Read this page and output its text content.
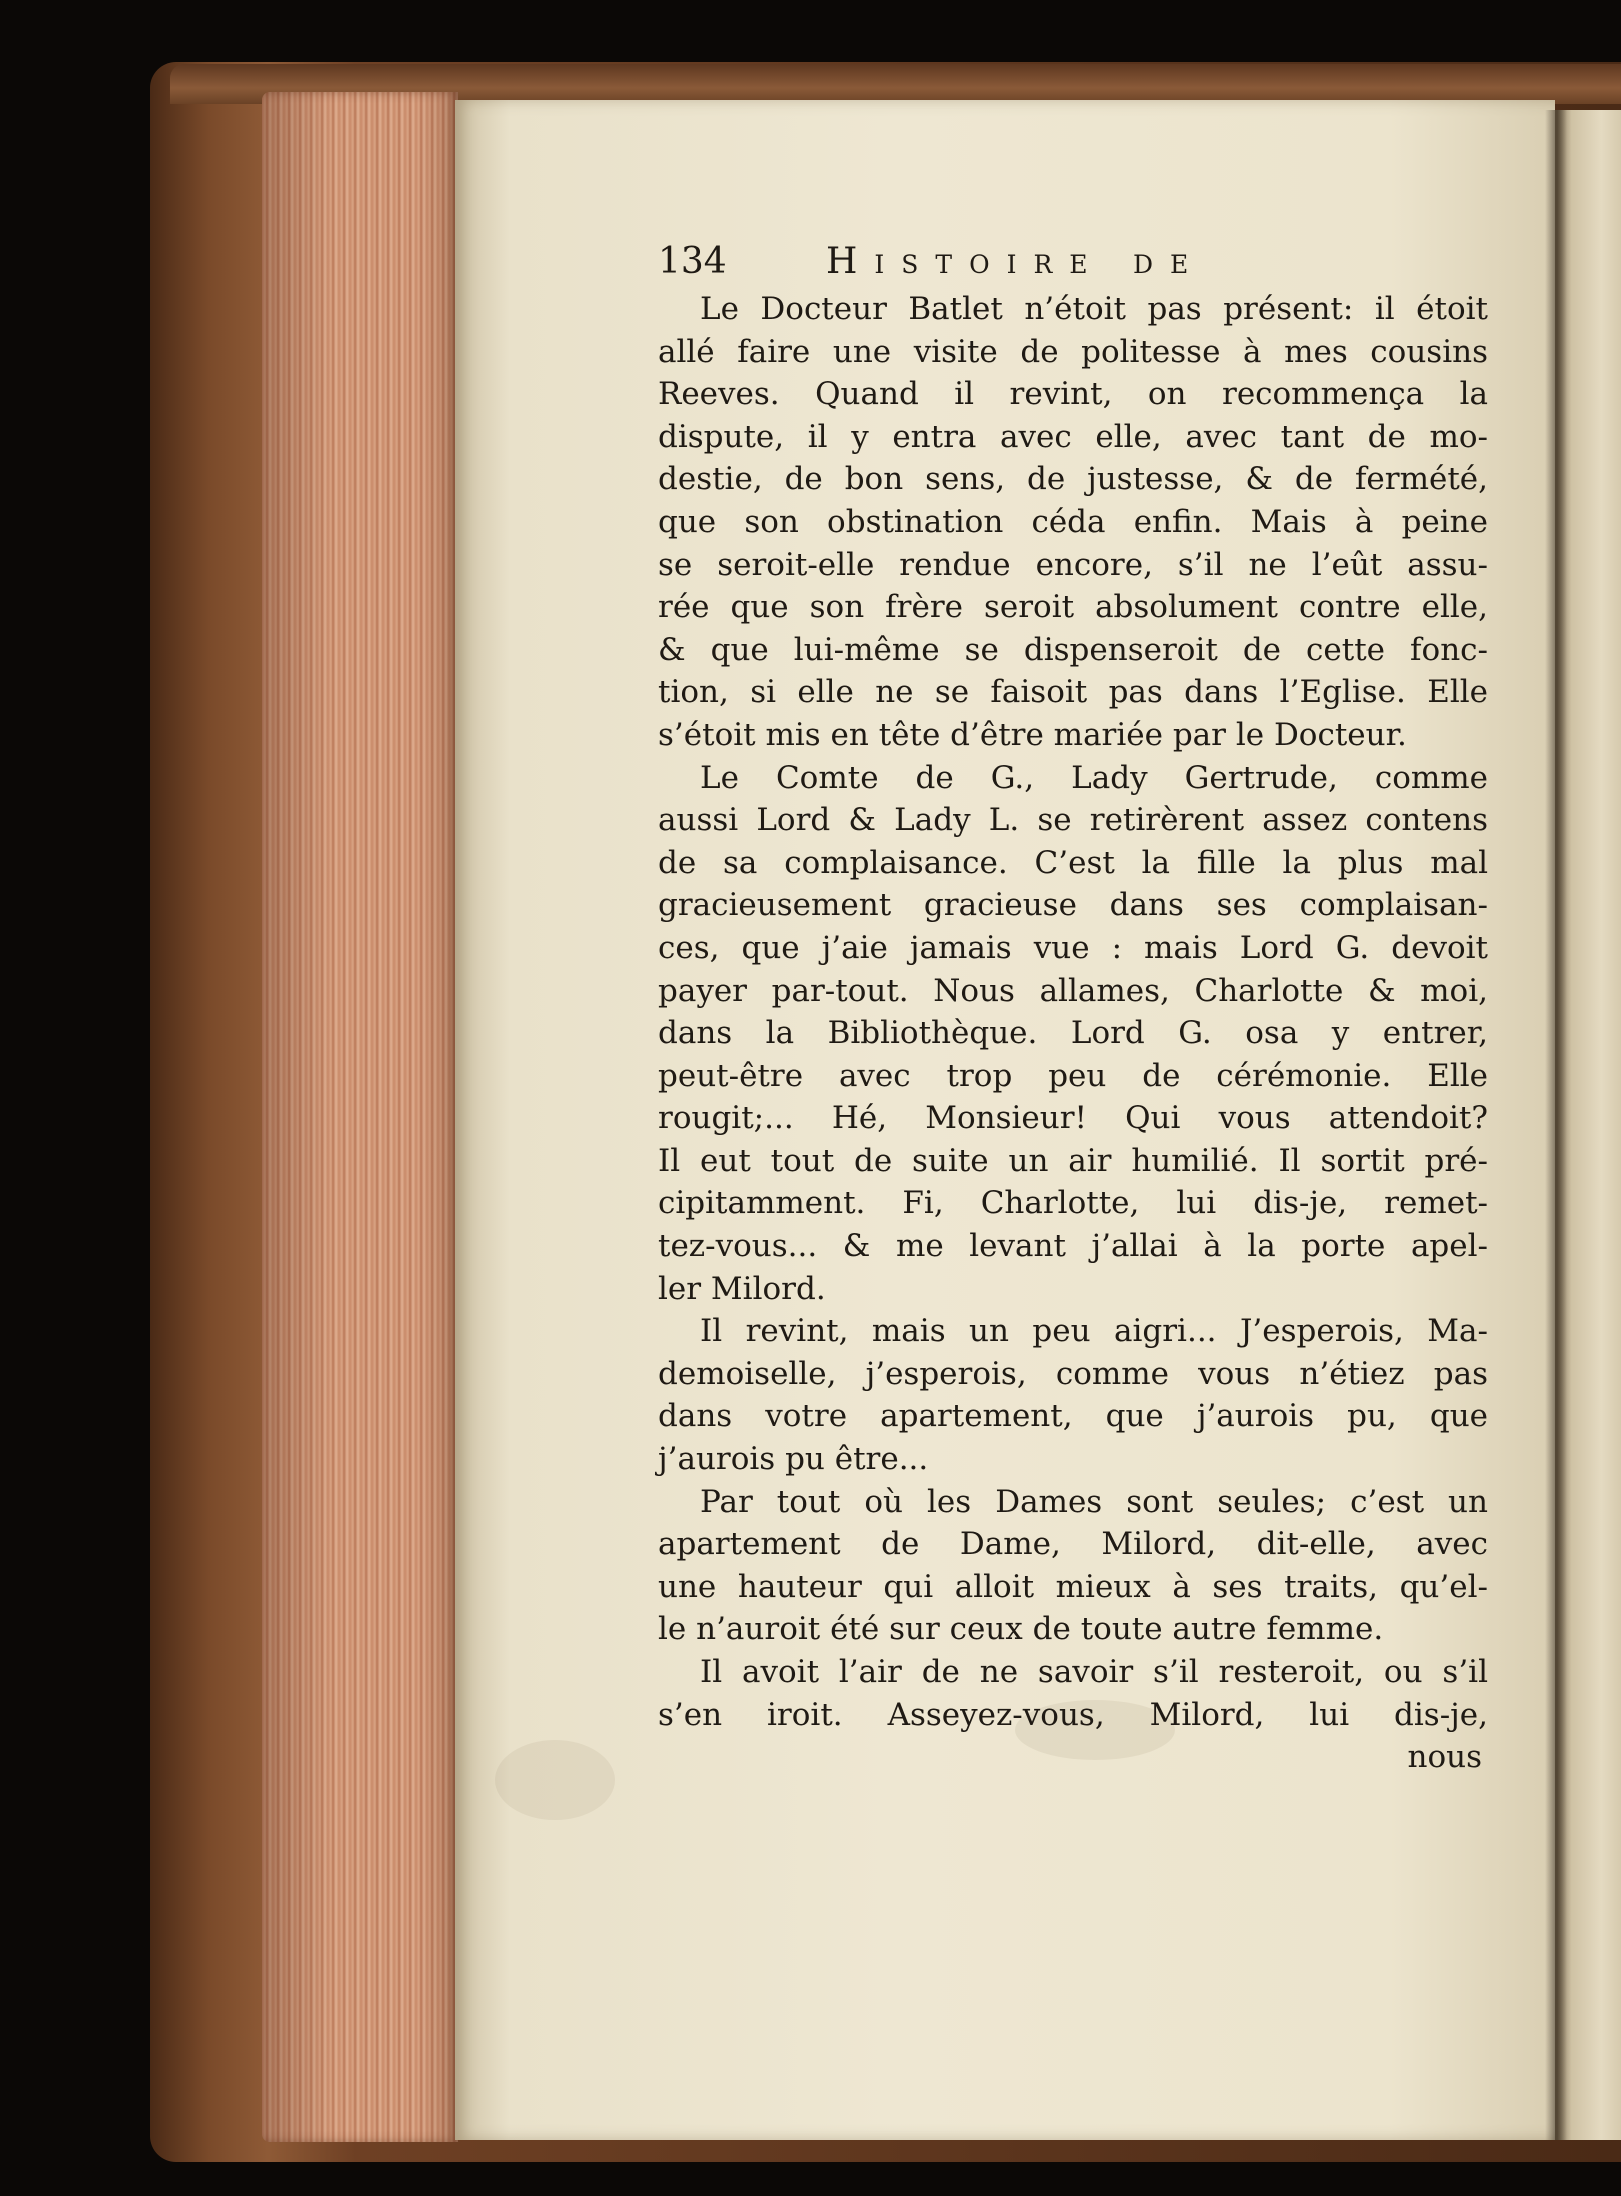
134	Histoire de
Le Docteur Batlet n’étoit pas présent: il étoit
allé faire une visite de politesse à mes cousins
Reeves. Quand il revint, on recommença la
dispute, il y entra avec elle, avec tant de mo-
destie, de bon sens, de justesse, & de fermété,
que son obstination céda enfin. Mais à peine
se seroit-elle rendue encore, s’il ne l’eût assu-
rée que son frère seroit absolument contre elle,
& que lui-même se dispenseroit de cette fonc-
tion, si elle ne se faisoit pas dans l’Eglise. Elle
s’étoit mis en tête d’être mariée par le Docteur.
Le Comte de G., Lady Gertrude, comme
aussi Lord & Lady L. se retirèrent assez contens
de sa complaisance. C’est la fille la plus mal
gracieusement gracieuse dans ses complaisan-
ces, que j’aie jamais vue : mais Lord G. devoit
payer par-tout. Nous allames, Charlotte & moi,
dans la Bibliothèque. Lord G. osa y entrer,
peut-être avec trop peu de cérémonie. Elle
rougit;... Hé, Monsieur! Qui vous attendoit?
Il eut tout de suite un air humilié. Il sortit pré-
cipitamment. Fi, Charlotte, lui dis-je, remet-
tez-vous... & me levant j’allai à la porte apel-
ler Milord.
Il revint, mais un peu aigri... J’esperois, Ma-
demoiselle, j’esperois, comme vous n’étiez pas
dans votre apartement, que j’aurois pu, que
j’aurois pu être...
Par tout où les Dames sont seules; c’est un
apartement de Dame, Milord, dit-elle, avec
une hauteur qui alloit mieux à ses traits, qu’el-
le n’auroit été sur ceux de toute autre femme.
Il avoit l’air de ne savoir s’il resteroit, ou s’il
s’en iroit. Asseyez-vous, Milord, lui dis-je,
nous
